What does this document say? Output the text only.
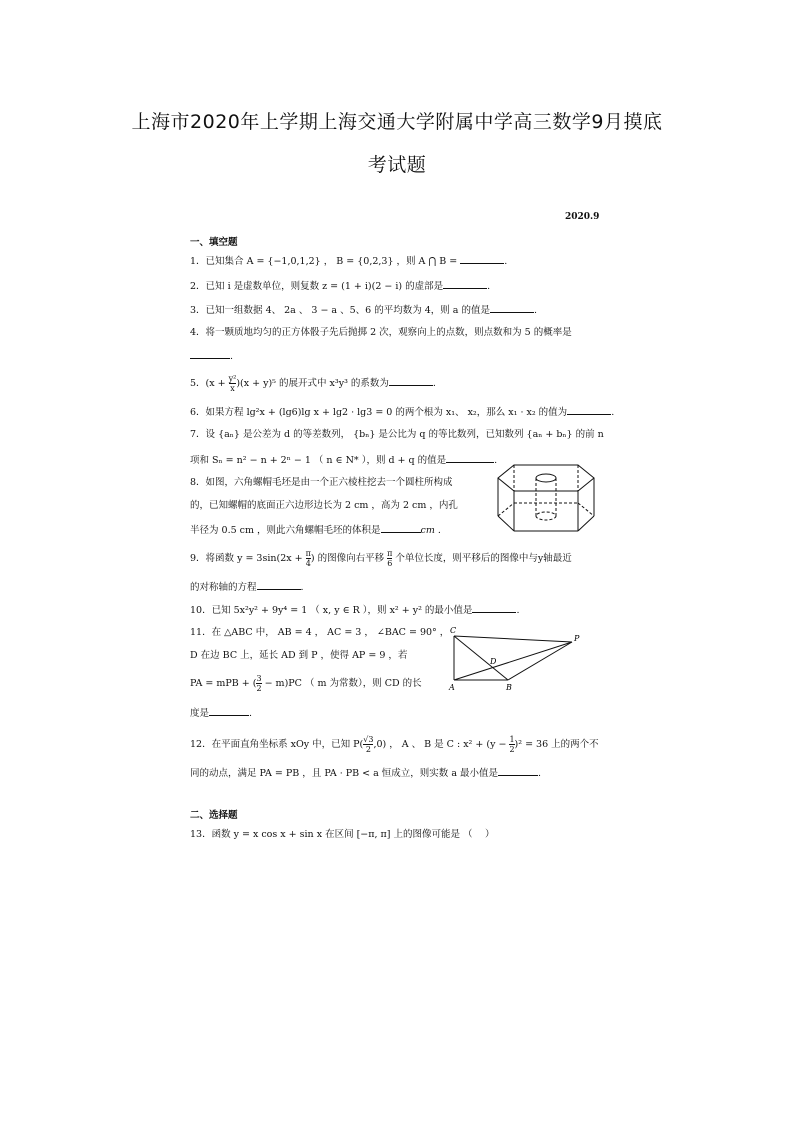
上海市2020年上学期上海交通大学附属中学高三数学9月摸底
考试题
2020.9
一、填空题
1．已知集合 A = {−1,0,1,2} ， B = {0,2,3} ，则 A ⋂ B =	.
2．已知 i 是虚数单位，则复数 z = (1 + i)(2 − i) 的虚部是	.
3．已知一组数据 4、 2a 、 3 − a 、5、6 的平均数为 4，则 a 的值是	.
4．将一颗质地均匀的正方体骰子先后抛掷 2 次，观察向上的点数，则点数和为 5 的概率是
.
5．$(x + \frac{\text{y²}}{x} )(x + y)^5$ 的展开式中 x³y³ 的系数为	.
6．如果方程 lg²x + (lg6)lg x + lg2 · lg3 = 0 的两个根为 x₁、 x₂，那么 x₁ · x₂ 的值为	.
7．设 {aₙ} 是公差为 d 的等差数列， {bₙ} 是公比为 q 的等比数列，已知数列 {aₙ + bₙ} 的前 n
项和 Sₙ = n² − n + 2ⁿ − 1 （ n ∈ N* ），则 d + q 的值是	.
8．如图，六角螺帽毛坯是由一个正六棱柱挖去一个圆柱所构成
的，已知螺帽的底面正六边形边长为 2 cm ，高为 2 cm ，内孔
半径为 0.5 cm ，则此六角螺帽毛坯的体积是	cm .
9．将函数 $y = 3\sin(2x + \frac{\pi}{4}$ ) 的图像向右平移 $\frac{\pi}{6}$ 个单位长度，则平移后的图像中与y轴最近
的对称轴的方程	.
10．已知 5x²y² + 9y⁴ = 1 （ x, y ∈ R ），则 x² + y² 的最小值是	.
11．在 △ABC 中， AB = 4 ， AC = 3 ， ∠BAC = 90° ，
D 在边 BC 上，延长 AD 到 P ，使得 AP = 9 ，若
PA = mPB + ( $\frac{3}{2} - m)PC$ （ m 为常数），则 CD 的长
度是	.
C
P
D
A	B
12．在平面直角坐标系 xOy 中，已知 $P( \frac{√3}{2} ,0)$ ， A 、 B 是 C : $x^2 + (y - \frac{1}{2} )^2 = 36$ 上的两个不
同的动点，满足 PA = PB ，且 PA · PB < a 恒成立，则实数 a 最小值是	.
二、选择题
13．函数 y = x cos x + sin x 在区间 [−π, π] 上的图像可能是 （　 ）
